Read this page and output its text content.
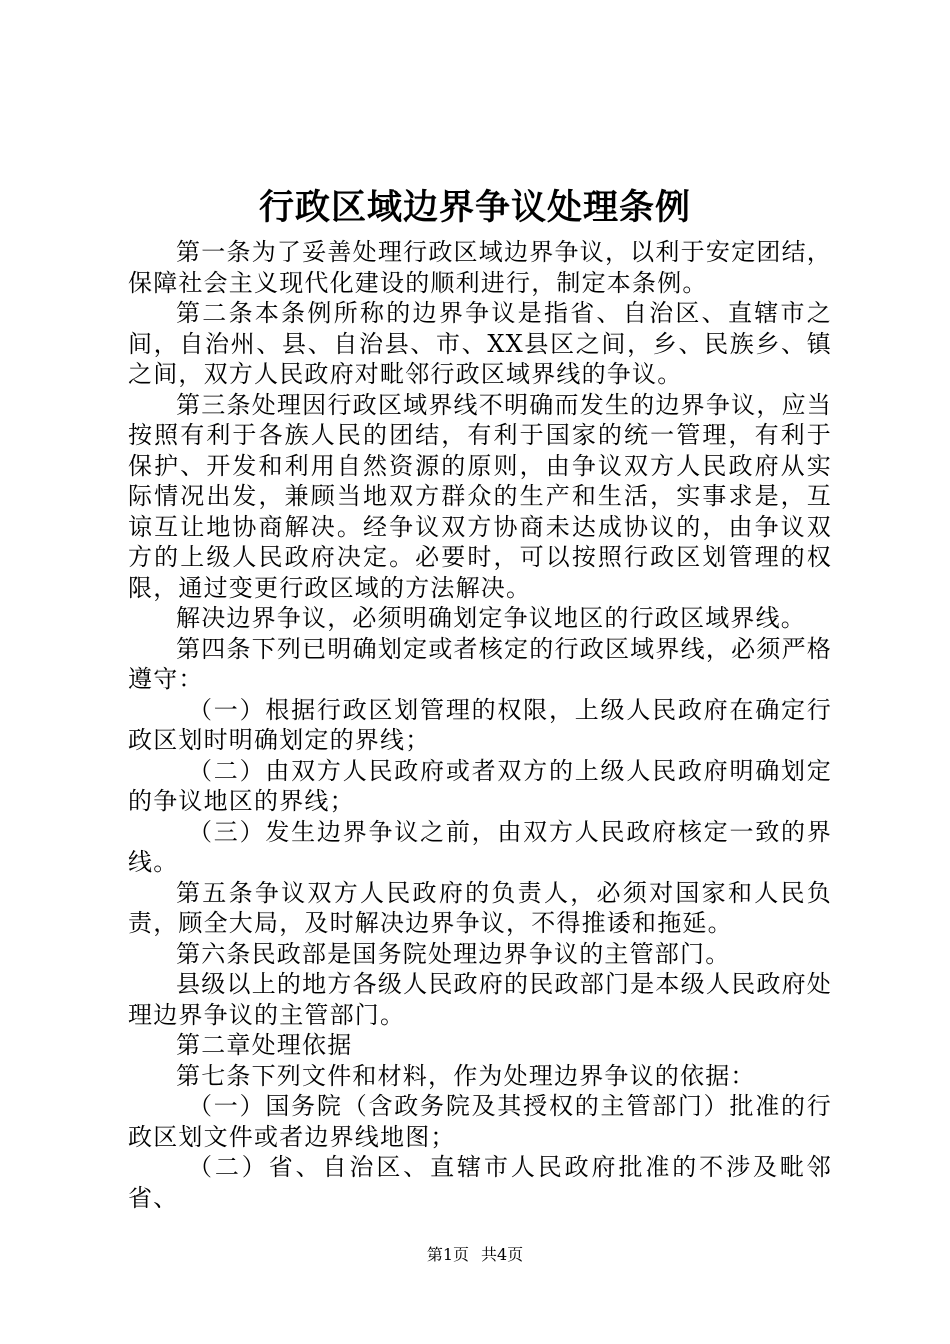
行政区域边界争议处理条例

第一条为了妥善处理行政区域边界争议，以利于安定团结，保障社会主义现代化建设的顺利进行，制定本条例。

第二条本条例所称的边界争议是指省、自治区、直辖市之间，自治州、县、自治县、市、XX县区之间，乡、民族乡、镇之间，双方人民政府对毗邻行政区域界线的争议。

第三条处理因行政区域界线不明确而发生的边界争议，应当按照有利于各族人民的团结，有利于国家的统一管理，有利于保护、开发和利用自然资源的原则，由争议双方人民政府从实际情况出发，兼顾当地双方群众的生产和生活，实事求是，互谅互让地协商解决。经争议双方协商未达成协议的，由争议双方的上级人民政府决定。必要时，可以按照行政区划管理的权限，通过变更行政区域的方法解决。

解决边界争议，必须明确划定争议地区的行政区域界线。

第四条下列已明确划定或者核定的行政区域界线，必须严格遵守：

（一）根据行政区划管理的权限，上级人民政府在确定行政区划时明确划定的界线；

（二）由双方人民政府或者双方的上级人民政府明确划定的争议地区的界线；

（三）发生边界争议之前，由双方人民政府核定一致的界线。

第五条争议双方人民政府的负责人，必须对国家和人民负责，顾全大局，及时解决边界争议，不得推诿和拖延。

第六条民政部是国务院处理边界争议的主管部门。

县级以上的地方各级人民政府的民政部门是本级人民政府处理边界争议的主管部门。

第二章处理依据

第七条下列文件和材料，作为处理边界争议的依据：

（一）国务院（含政务院及其授权的主管部门）批准的行政区划文件或者边界线地图；

（二）省、自治区、直辖市人民政府批准的不涉及毗邻省、

第1页 共4页
